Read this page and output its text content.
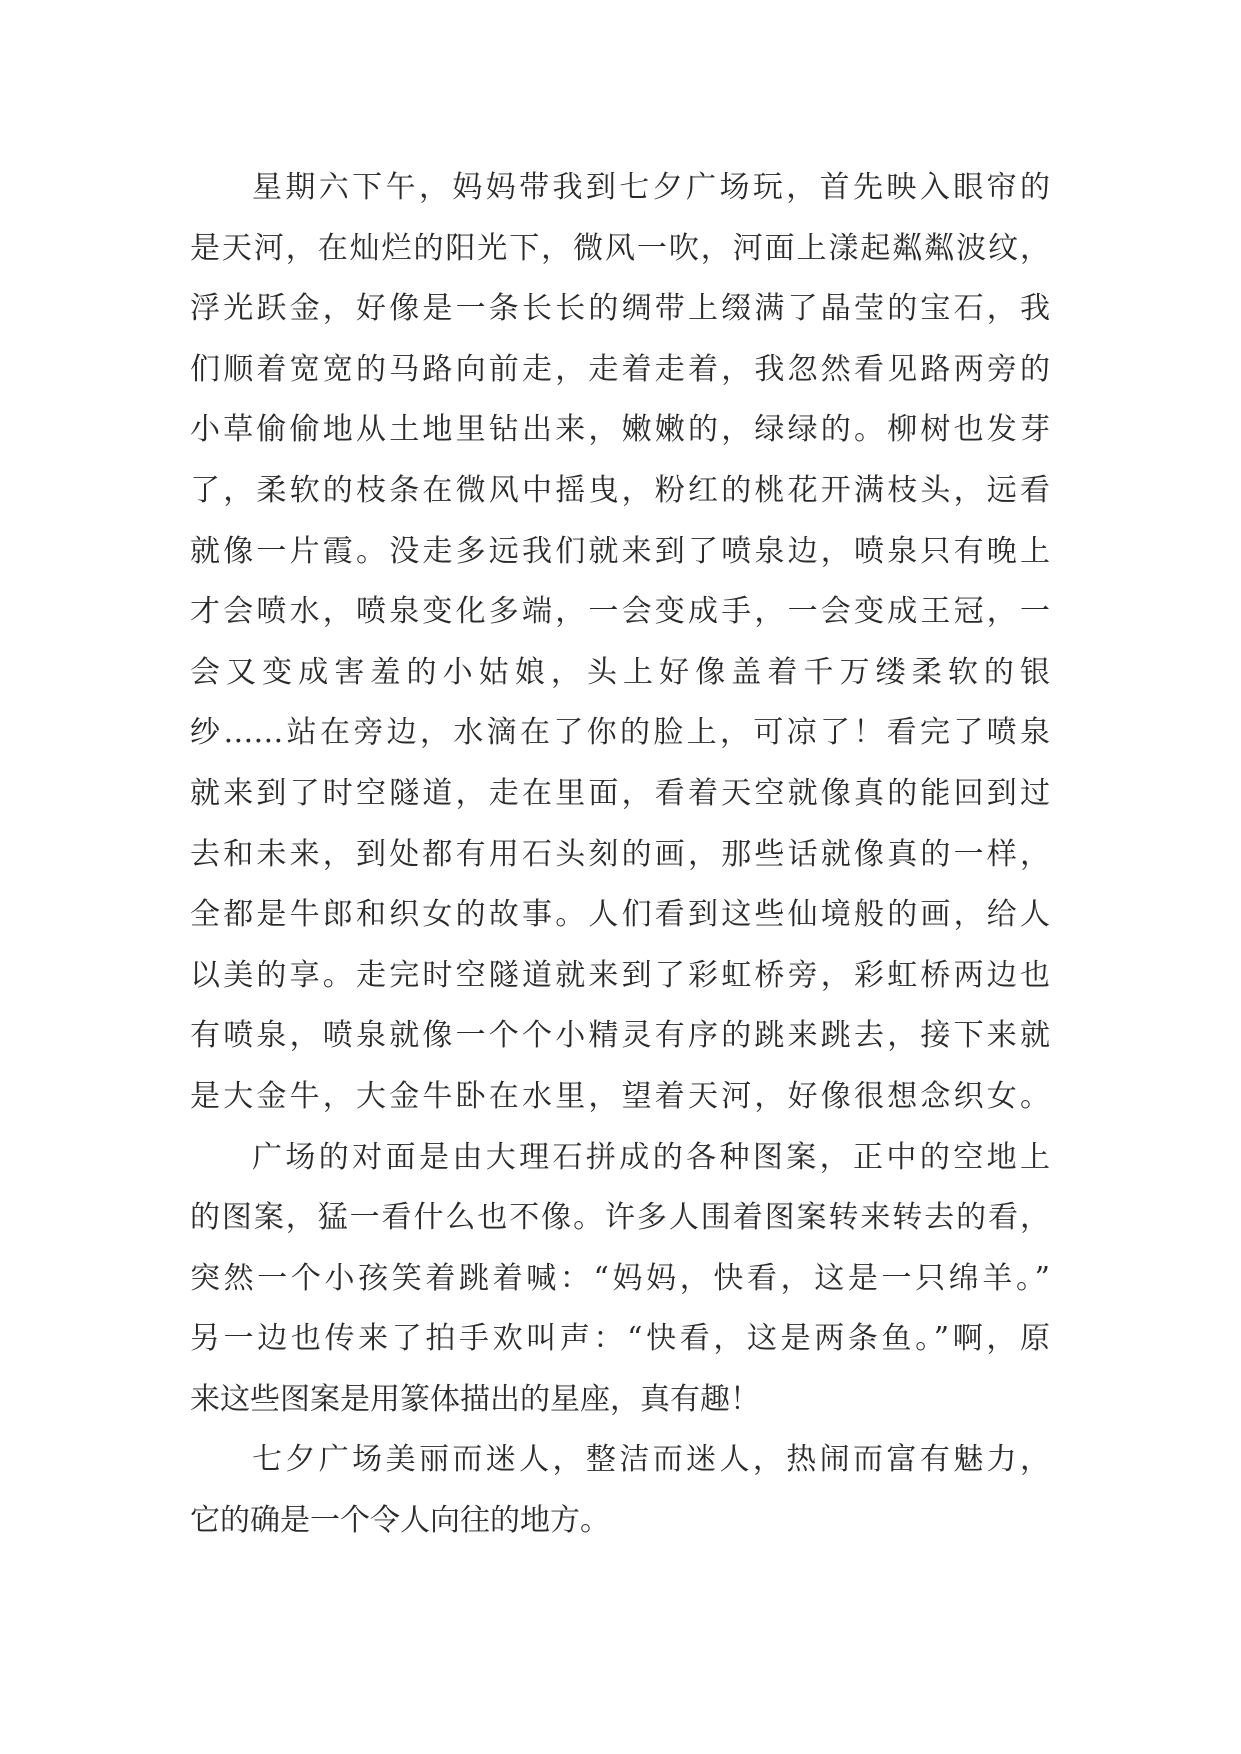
星期六下午，妈妈带我到七夕广场玩，首先映入眼帘的
是天河，在灿烂的阳光下，微风一吹，河面上漾起粼粼波纹，
浮光跃金，好像是一条长长的绸带上缀满了晶莹的宝石，我
们顺着宽宽的马路向前走，走着走着，我忽然看见路两旁的
小草偷偷地从土地里钻出来，嫩嫩的，绿绿的。柳树也发芽
了，柔软的枝条在微风中摇曳，粉红的桃花开满枝头，远看
就像一片霞。没走多远我们就来到了喷泉边，喷泉只有晚上
才会喷水，喷泉变化多端，一会变成手，一会变成王冠，一
会又变成害羞的小姑娘，头上好像盖着千万缕柔软的银
纱……站在旁边，水滴在了你的脸上，可凉了！看完了喷泉
就来到了时空隧道，走在里面，看着天空就像真的能回到过
去和未来，到处都有用石头刻的画，那些话就像真的一样，
全都是牛郎和织女的故事。人们看到这些仙境般的画，给人
以美的享。走完时空隧道就来到了彩虹桥旁，彩虹桥两边也
有喷泉，喷泉就像一个个小精灵有序的跳来跳去，接下来就
是大金牛，大金牛卧在水里，望着天河，好像很想念织女。

广场的对面是由大理石拼成的各种图案，正中的空地上
的图案，猛一看什么也不像。许多人围着图案转来转去的看，
突然一个小孩笑着跳着喊：“妈妈，快看，这是一只绵羊。”
另一边也传来了拍手欢叫声：“快看，这是两条鱼。”啊，原
来这些图案是用篆体描出的星座，真有趣！

七夕广场美丽而迷人，整洁而迷人，热闹而富有魅力，
它的确是一个令人向往的地方。
